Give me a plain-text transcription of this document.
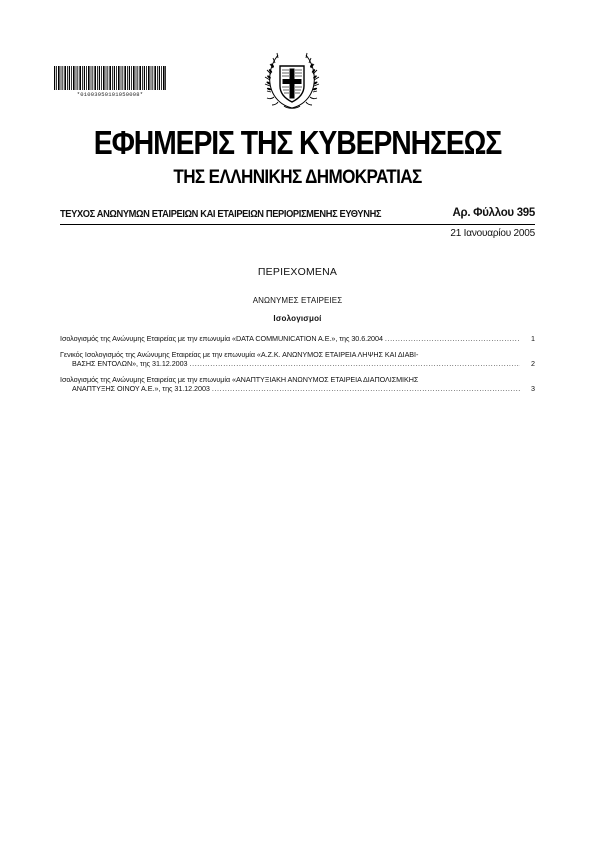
*01003950101050008*
ΕΦΗΜΕΡΙΣ ΤΗΣ ΚΥΒΕΡΝΗΣΕΩΣ
ΤΗΣ ΕΛΛΗΝΙΚΗΣ ΔΗΜΟΚΡΑΤΙΑΣ
ΤΕΥΧΟΣ ΑΝΩΝΥΜΩΝ ΕΤΑΙΡΕΙΩΝ ΚΑΙ ΕΤΑΙΡΕΙΩΝ ΠΕΡΙΟΡΙΣΜΕΝΗΣ ΕΥΘΥΝΗΣ	Αρ. Φύλλου 395
21 Ιανουαρίου 2005
ΠΕΡΙΕΧΟΜΕΝΑ
ΑΝΩΝΥΜΕΣ ΕΤΑΙΡΕΙΕΣ
Ισολογισμοί
Ισολογισμός της Ανώνυμης Εταιρείας με την επωνυμία «DATA COMMUNICATION A.E.», της 30.6.2004 .....	1
Γενικός Ισολογισμός της Ανώνυμης Εταιρείας με την επωνυμία «Α.Ζ.Κ. ΑΝΩΝΥΜΟΣ ΕΤΑΙΡΕΙΑ ΛΗΨΗΣ ΚΑΙ ΔΙΑΒΙ-
ΒΑΣΗΣ ΕΝΤΟΛΩΝ», της 31.12.2003 .....	2
Ισολογισμός της Ανώνυμης Εταιρείας με την επωνυμία «ΑΝΑΠΤΥΞΙΑΚΗ ΑΝΩΝΥΜΟΣ ΕΤΑΙΡΕΙΑ ΔΙΑΠΟΛΙΣΜΙΚΗΣ
ΑΝΑΠΤΥΞΗΣ ΟΙΝΟΥ Α.Ε.», της 31.12.2003 .....	3
